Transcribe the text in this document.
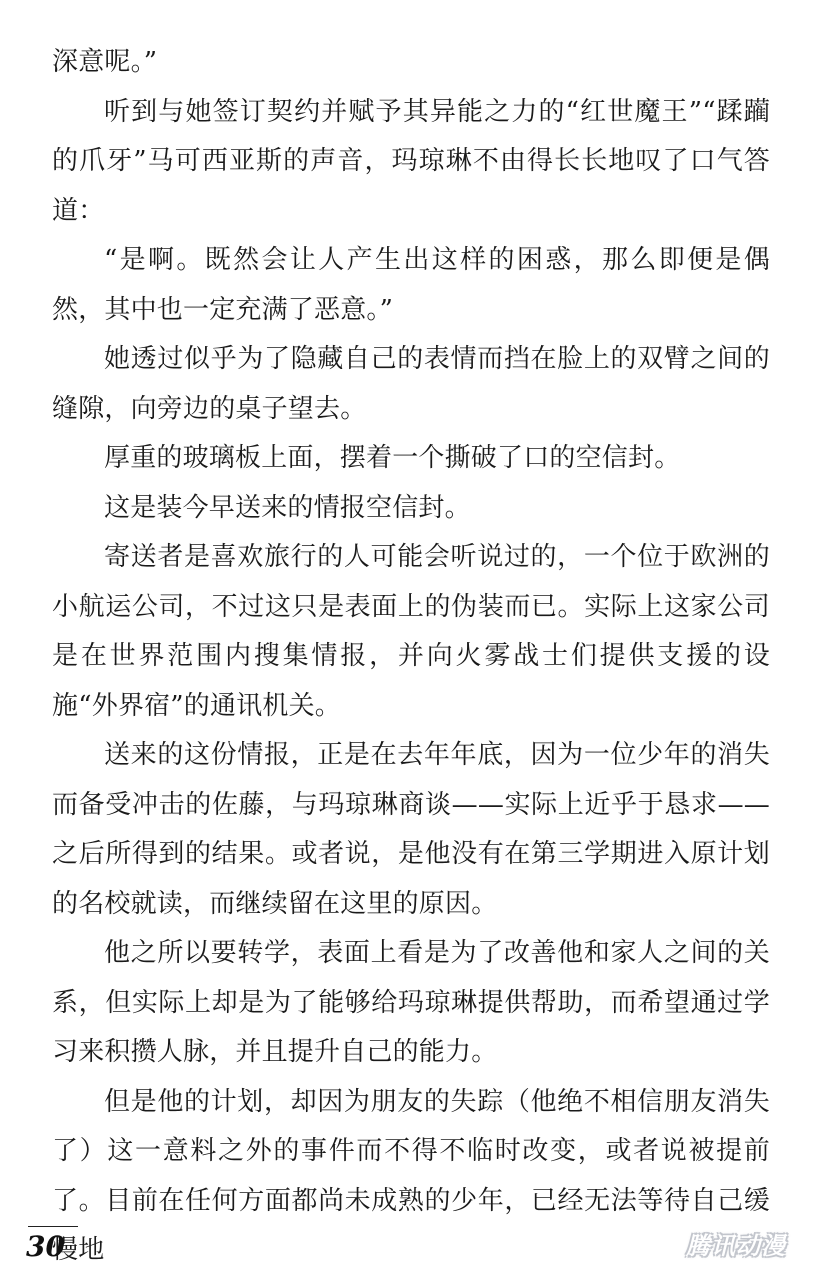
深意呢。”

听到与她签订契约并赋予其异能之力的“红世魔王”“蹂躏的爪牙”马可西亚斯的声音，玛琼琳不由得长长地叹了口气答道：

“是啊。既然会让人产生出这样的困惑，那么即便是偶然，其中也一定充满了恶意。”

她透过似乎为了隐藏自己的表情而挡在脸上的双臂之间的缝隙，向旁边的桌子望去。

厚重的玻璃板上面，摆着一个撕破了口的空信封。

这是装今早送来的情报空信封。

寄送者是喜欢旅行的人可能会听说过的，一个位于欧洲的小航运公司，不过这只是表面上的伪装而已。实际上这家公司是在世界范围内搜集情报，并向火雾战士们提供支援的设施“外界宿”的通讯机关。

送来的这份情报，正是在去年年底，因为一位少年的消失而备受冲击的佐藤，与玛琼琳商谈——实际上近乎于恳求——之后所得到的结果。或者说，是他没有在第三学期进入原计划的名校就读，而继续留在这里的原因。

他之所以要转学，表面上看是为了改善他和家人之间的关系，但实际上却是为了能够给玛琼琳提供帮助，而希望通过学习来积攒人脉，并且提升自己的能力。

但是他的计划，却因为朋友的失踪（他绝不相信朋友消失了）这一意料之外的事件而不得不临时改变，或者说被提前了。目前在任何方面都尚未成熟的少年，已经无法等待自己缓慢地

30	腾讯动漫
